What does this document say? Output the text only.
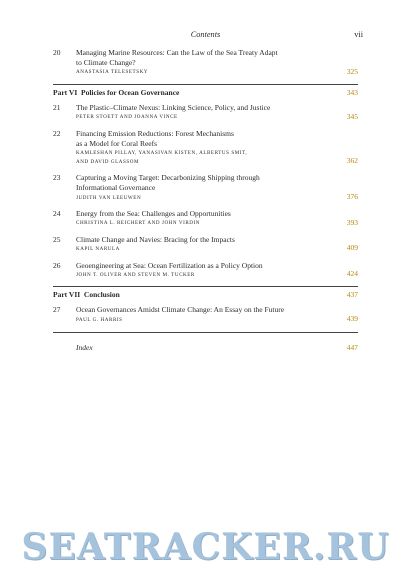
Contents	vii
20	Managing Marine Resources: Can the Law of the Sea Treaty Adapt
to Climate Change?
ANASTASIA TELESETSKY	325
Part VI Policies for Ocean Governance	343
21	The Plastic–Climate Nexus: Linking Science, Policy, and Justice
PETER STOETT AND JOANNA VINCE	345
22	Financing Emission Reductions: Forest Mechanisms
as a Model for Coral Reefs
KAMLESHAN PILLAY, YANASIVAN KISTEN, ALBERTUS SMIT,
AND DAVID GLASSOM	362
23	Capturing a Moving Target: Decarbonizing Shipping through
Informational Governance
JUDITH VAN LEEUWEN	376
24	Energy from the Sea: Challenges and Opportunities
CHRISTINA L. REICHERT AND JOHN VIRDIN	393
25	Climate Change and Navies: Bracing for the Impacts
KAPIL NARULA	409
26	Geoengineering at Sea: Ocean Fertilization as a Policy Option
JOHN T. OLIVER AND STEVEN M. TUCKER	424
Part VII Conclusion	437
27	Ocean Governances Amidst Climate Change: An Essay on the Future
PAUL G. HARRIS	439
Index	447
SEATRACKER.RU
